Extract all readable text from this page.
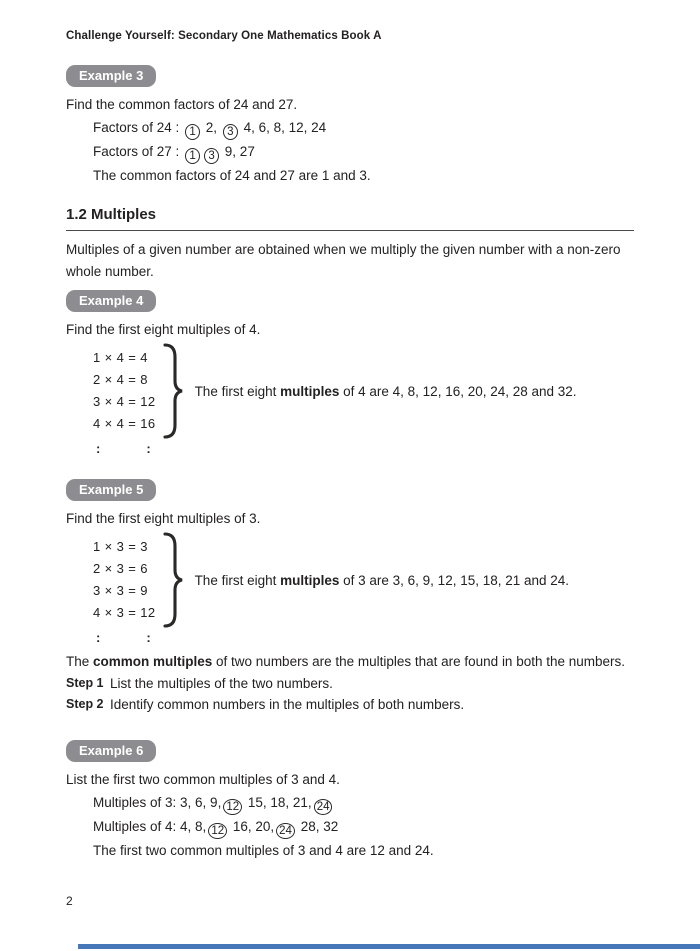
Challenge Yourself: Secondary One Mathematics Book A
Example 3
Find the common factors of 24 and 27.
Factors of 24 : 1 2, 3 4, 6, 8, 12, 24
Factors of 27 : 1 3 9, 27
The common factors of 24 and 27 are 1 and 3.
1.2 Multiples
Multiples of a given number are obtained when we multiply the given number with a non-zero whole number.
Example 4
Find the first eight multiples of 4.
1 × 4 = 4
2 × 4 = 8
3 × 4 = 12
4 × 4 = 16
The first eight multiples of 4 are 4, 8, 12, 16, 20, 24, 28 and 32.
:	:
Example 5
Find the first eight multiples of 3.
1 × 3 = 3
2 × 3 = 6
3 × 3 = 9
4 × 3 = 12
The first eight multiples of 3 are 3, 6, 9, 12, 15, 18, 21 and 24.
:	:
The common multiples of two numbers are the multiples that are found in both the numbers.
Step 1 List the multiples of the two numbers.
Step 2 Identify common numbers in the multiples of both numbers.
Example 6
List the first two common multiples of 3 and 4.
Multiples of 3: 3, 6, 9, 12 15, 18, 21, 24
Multiples of 4: 4, 8, 12 16, 20, 24 28, 32
The first two common multiples of 3 and 4 are 12 and 24.
2
